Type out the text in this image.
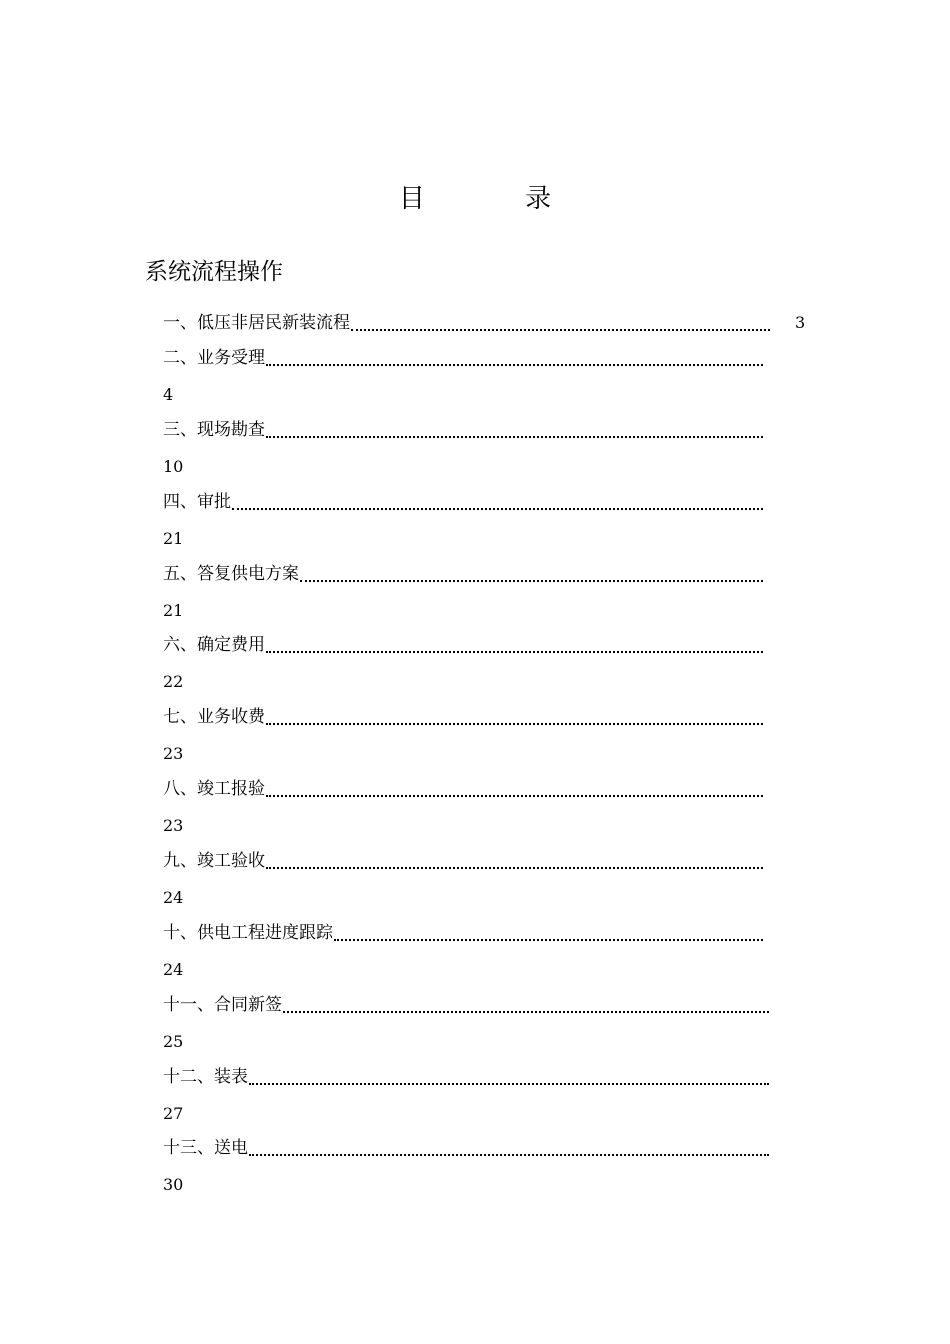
目 录
系统流程操作
一、低压非居民新装流程	3
二、业务受理
4
三、现场勘查
10
四、审批
21
五、答复供电方案
21
六、确定费用
22
七、业务收费
23
八、竣工报验
23
九、竣工验收
24
十、供电工程进度跟踪
24
十一、合同新签
25
十二、装表
27
十三、送电
30
